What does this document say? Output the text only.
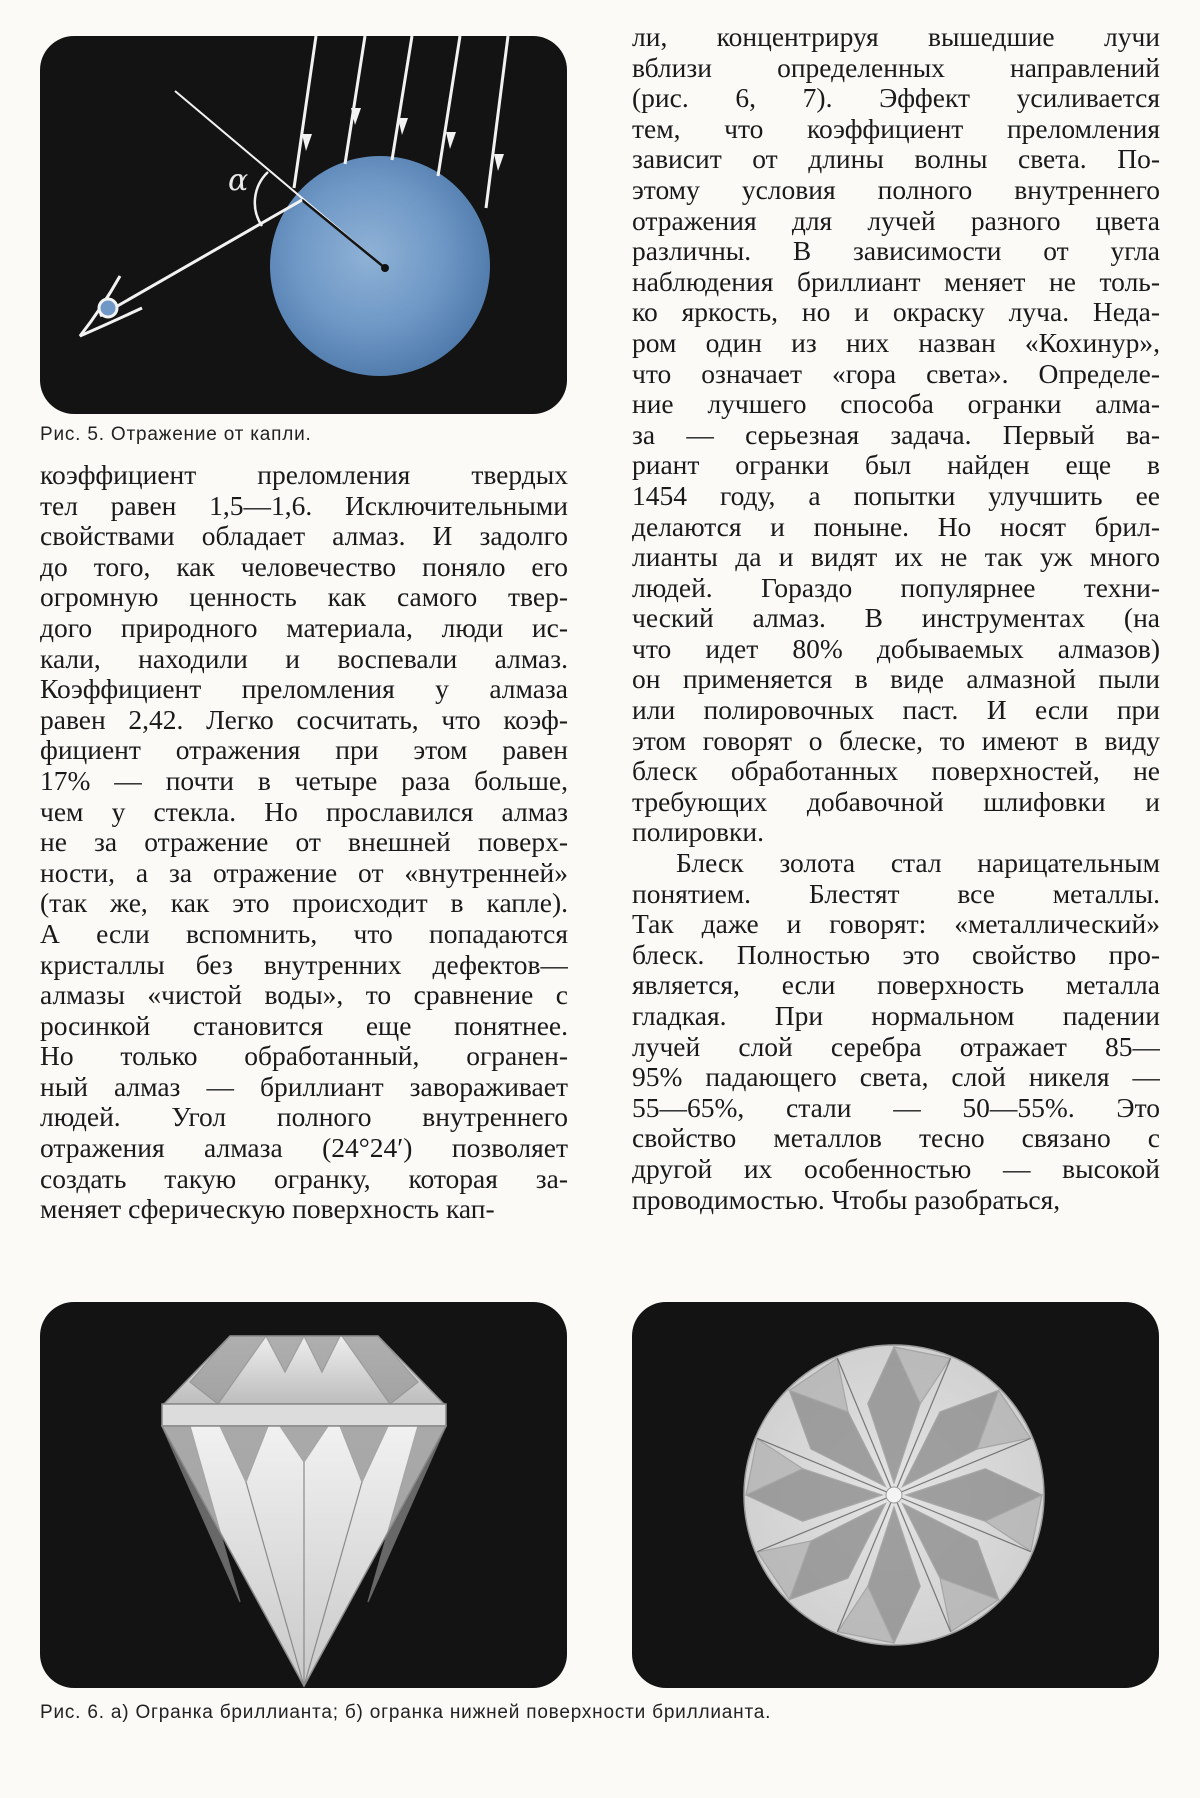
α
Рис. 5. Отражение от капли.
коэффициент преломления твердых
тел равен 1,5—1,6. Исключительными
свойствами обладает алмаз. И задолго
до того, как человечество поняло его
огромную ценность как самого твер-
дого природного материала, люди ис-
кали, находили и воспевали алмаз.
Коэффициент преломления у алмаза
равен 2,42. Легко сосчитать, что коэф-
фициент отражения при этом равен
17% — почти в четыре раза больше,
чем у стекла. Но прославился алмаз
не за отражение от внешней поверх-
ности, а за отражение от «внутренней»
(так же, как это происходит в капле).
А если вспомнить, что попадаются
кристаллы без внутренних дефектов—
алмазы «чистой воды», то сравнение с
росинкой становится еще понятнее.
Но только обработанный, огранен-
ный алмаз — бриллиант завораживает
людей. Угол полного внутреннего
отражения алмаза (24°24′) позволяет
создать такую огранку, которая за-
меняет сферическую поверхность кап-
ли, концентрируя вышедшие лучи
вблизи определенных направлений
(рис. 6, 7). Эффект усиливается
тем, что коэффициент преломления
зависит от длины волны света. По-
этому условия полного внутреннего
отражения для лучей разного цвета
различны. В зависимости от угла
наблюдения бриллиант меняет не толь-
ко яркость, но и окраску луча. Неда-
ром один из них назван «Кохинур»,
что означает «гора света». Определе-
ние лучшего способа огранки алма-
за — серьезная задача. Первый ва-
риант огранки был найден еще в
1454 году, а попытки улучшить ее
делаются и поныне. Но носят брил-
лианты да и видят их не так уж много
людей. Гораздо популярнее техни-
ческий алмаз. В инструментах (на
что идет 80% добываемых алмазов)
он применяется в виде алмазной пыли
или полировочных паст. И если при
этом говорят о блеске, то имеют в виду
блеск обработанных поверхностей, не
требующих добавочной шлифовки и
полировки.
Блеск золота стал нарицательным
понятием. Блестят все металлы.
Так даже и говорят: «металлический»
блеск. Полностью это свойство про-
является, если поверхность металла
гладкая. При нормальном падении
лучей слой серебра отражает 85—
95% падающего света, слой никеля —
55—65%, стали — 50—55%. Это
свойство металлов тесно связано с
другой их особенностью — высокой
проводимостью. Чтобы разобраться,
Рис. 6. а) Огранка бриллианта; б) огранка нижней поверхности бриллианта.
